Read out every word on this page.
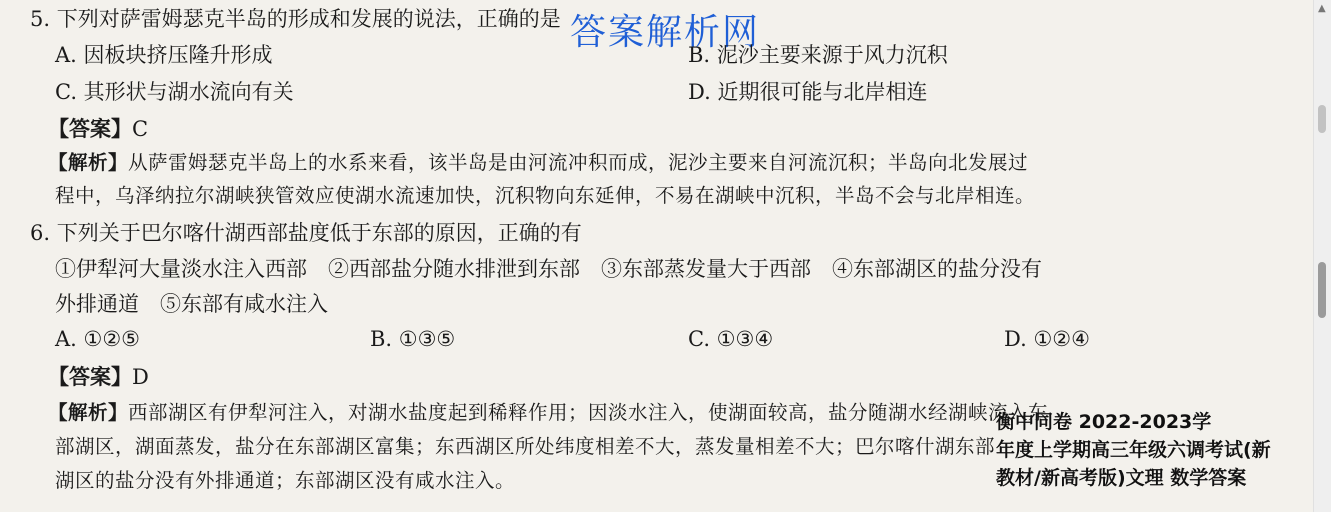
5. 下列对萨雷姆瑟克半岛的形成和发展的说法，正确的是 答案解析网
A. 因板块挤压隆升形成	B. 泥沙主要来源于风力沉积
C. 其形状与湖水流向有关	D. 近期很可能与北岸相连
【答案】C
【解析】从萨雷姆瑟克半岛上的水系来看，该半岛是由河流冲积而成，泥沙主要来自河流沉积；半岛向北发展过
程中，乌泽纳拉尔湖峡狭管效应使湖水流速加快，沉积物向东延伸，不易在湖峡中沉积，半岛不会与北岸相连。
6. 下列关于巴尔喀什湖西部盐度低于东部的原因，正确的有
①伊犁河大量淡水注入西部　②西部盐分随水排泄到东部　③东部蒸发量大于西部　④东部湖区的盐分没有
外排通道　⑤东部有咸水注入
A. ①②⑤	B. ①③⑤	C. ①③④	D. ①②④
【答案】D
【解析】西部湖区有伊犁河注入，对湖水盐度起到稀释作用；因淡水注入，使湖面较高，盐分随湖水经湖峡流入东
部湖区，湖面蒸发，盐分在东部湖区富集；东西湖区所处纬度相差不大，蒸发量相差不大；巴尔喀什湖东部
湖区的盐分没有外排通道；东部湖区没有咸水注入。
衡中同卷 2022-2023学
年度上学期高三年级六调考试(新
教材/新高考版)文理 数学答案
▲
